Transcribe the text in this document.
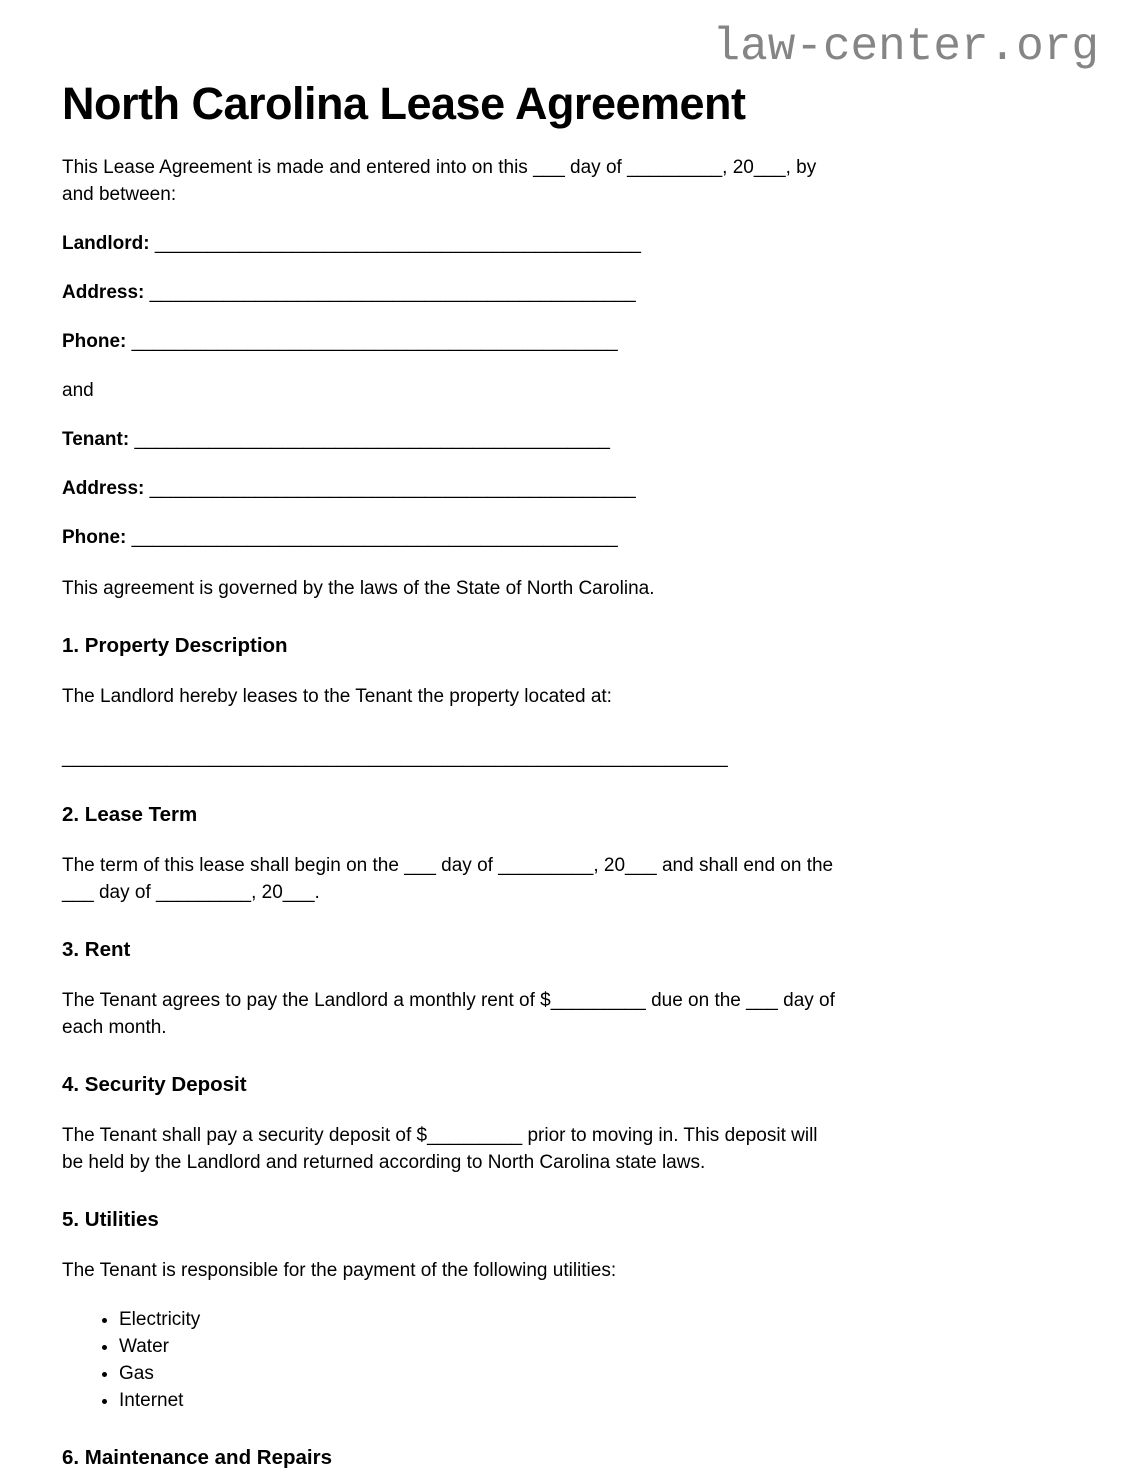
law-center.org
North Carolina Lease Agreement

This Lease Agreement is made and entered into on this ___ day of _________, 20___, by
and between:

Landlord: ______________________________________________
Address: ______________________________________________
Phone: ______________________________________________

and

Tenant: _____________________________________________
Address: ______________________________________________
Phone: ______________________________________________

This agreement is governed by the laws of the State of North Carolina.

1. Property Description

The Landlord hereby leases to the Tenant the property located at:

_______________________________________________________________
2. Lease Term

The term of this lease shall begin on the ___ day of _________, 20___ and shall end on the
___ day of _________, 20___.

3. Rent

The Tenant agrees to pay the Landlord a monthly rent of $_________ due on the ___ day of
each month.

4. Security Deposit

The Tenant shall pay a security deposit of $_________ prior to moving in. This deposit will
be held by the Landlord and returned according to North Carolina state laws.

5. Utilities

The Tenant is responsible for the payment of the following utilities:

• Electricity
• Water
• Gas
• Internet
6. Maintenance and Repairs
